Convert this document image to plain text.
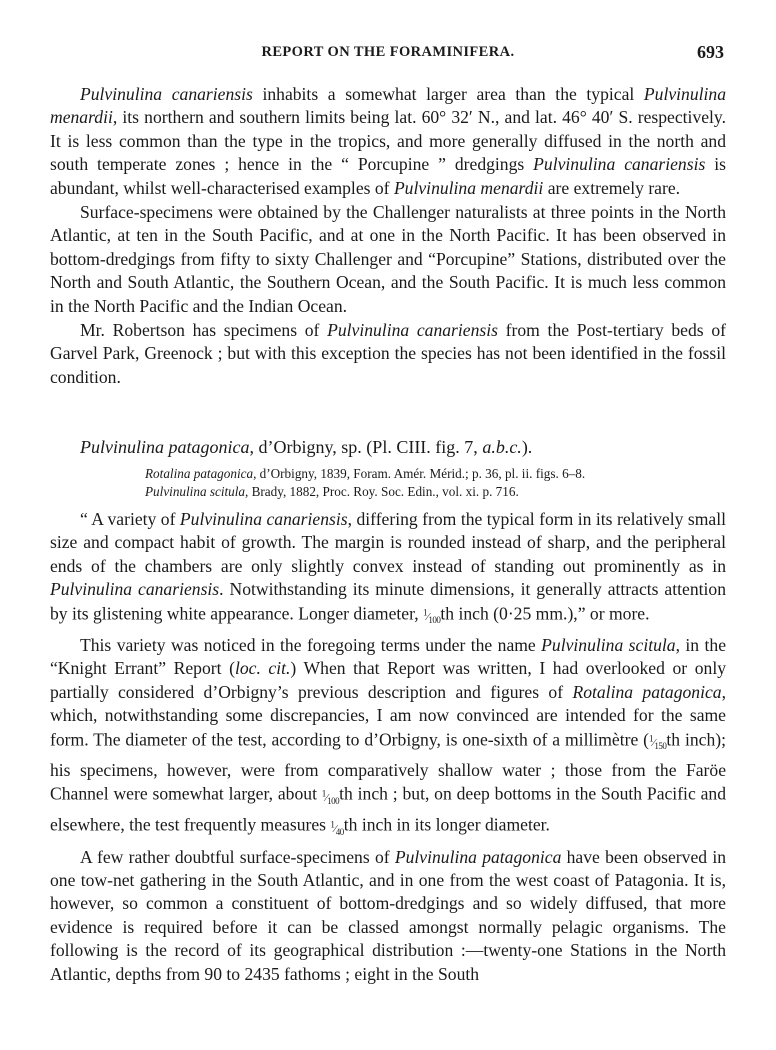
REPORT ON THE FORAMINIFERA.	693

Pulvinulina canariensis inhabits a somewhat larger area than the typical Pulvinulina menardii, its northern and southern limits being lat. 60° 32′ N., and lat. 46° 40′ S. respectively. It is less common than the type in the tropics, and more generally diffused in the north and south temperate zones ; hence in the “ Porcupine ” dredgings Pulvinulina canariensis is abundant, whilst well-characterised examples of Pulvinulina menardii are extremely rare.

Surface-specimens were obtained by the Challenger naturalists at three points in the North Atlantic, at ten in the South Pacific, and at one in the North Pacific. It has been observed in bottom-dredgings from fifty to sixty Challenger and “Porcupine” Stations, distributed over the North and South Atlantic, the Southern Ocean, and the South Pacific. It is much less common in the North Pacific and the Indian Ocean.

Mr. Robertson has specimens of Pulvinulina canariensis from the Post-tertiary beds of Garvel Park, Greenock ; but with this exception the species has not been identified in the fossil condition.

Pulvinulina patagonica, d’Orbigny, sp. (Pl. CIII. fig. 7, a.b.c.).
Rotalina patagonica, d’Orbigny, 1839, Foram. Amér. Mérid.; p. 36, pl. ii. figs. 6–8.
Pulvinulina scitula, Brady, 1882, Proc. Roy. Soc. Edin., vol. xi. p. 716.

“ A variety of Pulvinulina canariensis, differing from the typical form in its relatively small size and compact habit of growth. The margin is rounded instead of sharp, and the peripheral ends of the chambers are only slightly convex instead of standing out prominently as in Pulvinulina canariensis. Notwithstanding its minute dimensions, it generally attracts attention by its glistening white appearance. Longer diameter, $^1⁄_{100}th$ inch (0·25 mm.),” or more.

This variety was noticed in the foregoing terms under the name Pulvinulina scitula, in the “Knight Errant” Report (loc. cit.) When that Report was written, I had overlooked or only partially considered d’Orbigny’s previous description and figures of Rotalina patagonica, which, notwithstanding some discrepancies, I am now convinced are intended for the same form. The diameter of the test, according to d’Orbigny, is one-sixth of a millimètre ($^1⁄_{150}th$ inch); his specimens, however, were from comparatively shallow water ; those from the Faröe Channel were somewhat larger, about $^1⁄_{100}th$ inch ; but, on deep bottoms in the South Pacific and elsewhere, the test frequently measures $^1⁄_{40}th$ inch in its longer diameter.

A few rather doubtful surface-specimens of Pulvinulina patagonica have been observed in one tow-net gathering in the South Atlantic, and in one from the west coast of Patagonia. It is, however, so common a constituent of bottom-dredgings and so widely diffused, that more evidence is required before it can be classed amongst normally pelagic organisms. The following is the record of its geographical distribution :—twenty-one Stations in the North Atlantic, depths from 90 to 2435 fathoms ; eight in the South
